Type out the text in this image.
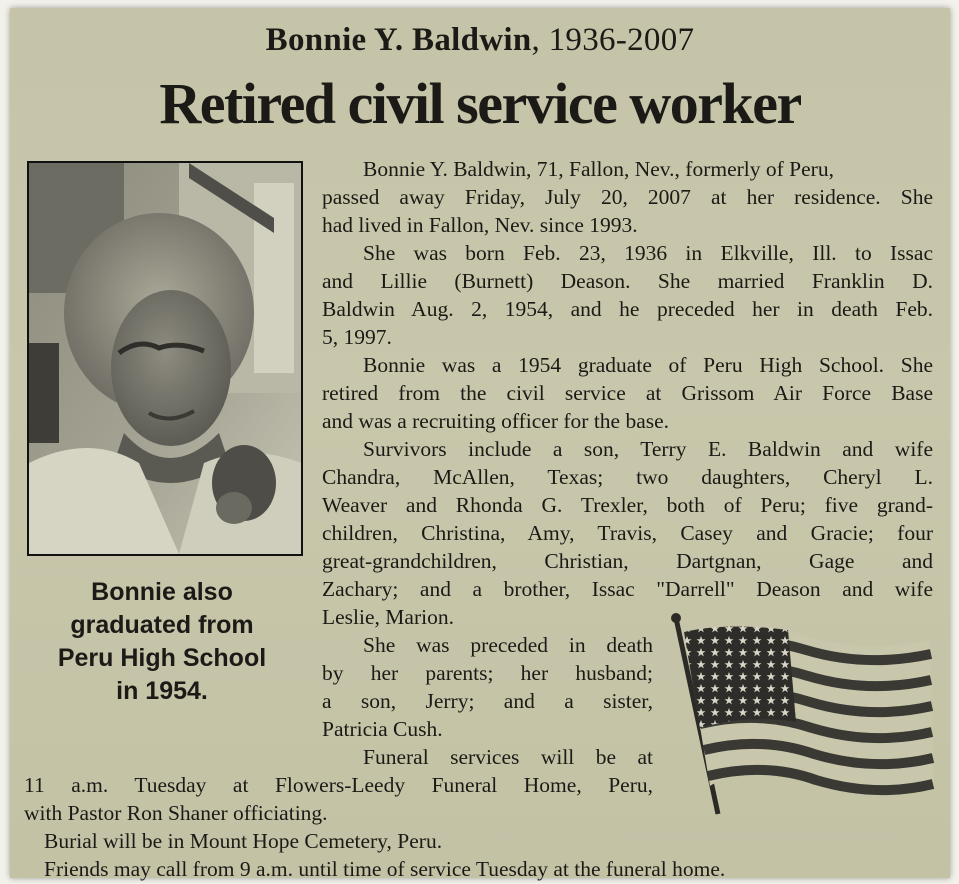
Bonnie Y. Baldwin, 1936-2007
Retired civil service worker
Bonnie also
graduated from
Peru High School
in 1954.
Bonnie Y. Baldwin, 71, Fallon, Nev., formerly of Peru,
passed away Friday, July 20, 2007 at her residence. She
had lived in Fallon, Nev. since 1993.
She was born Feb. 23, 1936 in Elkville, Ill. to Issac
and Lillie (Burnett) Deason. She married Franklin D.
Baldwin Aug. 2, 1954, and he preceded her in death Feb.
5, 1997.
Bonnie was a 1954 graduate of Peru High School. She
retired from the civil service at Grissom Air Force Base
and was a recruiting officer for the base.
Survivors include a son, Terry E. Baldwin and wife
Chandra, McAllen, Texas; two daughters, Cheryl L.
Weaver and Rhonda G. Trexler, both of Peru; five grand-
children, Christina, Amy, Travis, Casey and Gracie; four
great-grandchildren, Christian, Dartgnan, Gage and
Zachary; and a brother, Issac "Darrell" Deason and wife
Leslie, Marion.
She was preceded in death
by her parents; her husband;
a son, Jerry; and a sister,
Patricia Cush.
Funeral services will be at
11 a.m. Tuesday at Flowers-Leedy Funeral Home, Peru,
with Pastor Ron Shaner officiating.
Burial will be in Mount Hope Cemetery, Peru.
Friends may call from 9 a.m. until time of service Tuesday at the funeral home.
